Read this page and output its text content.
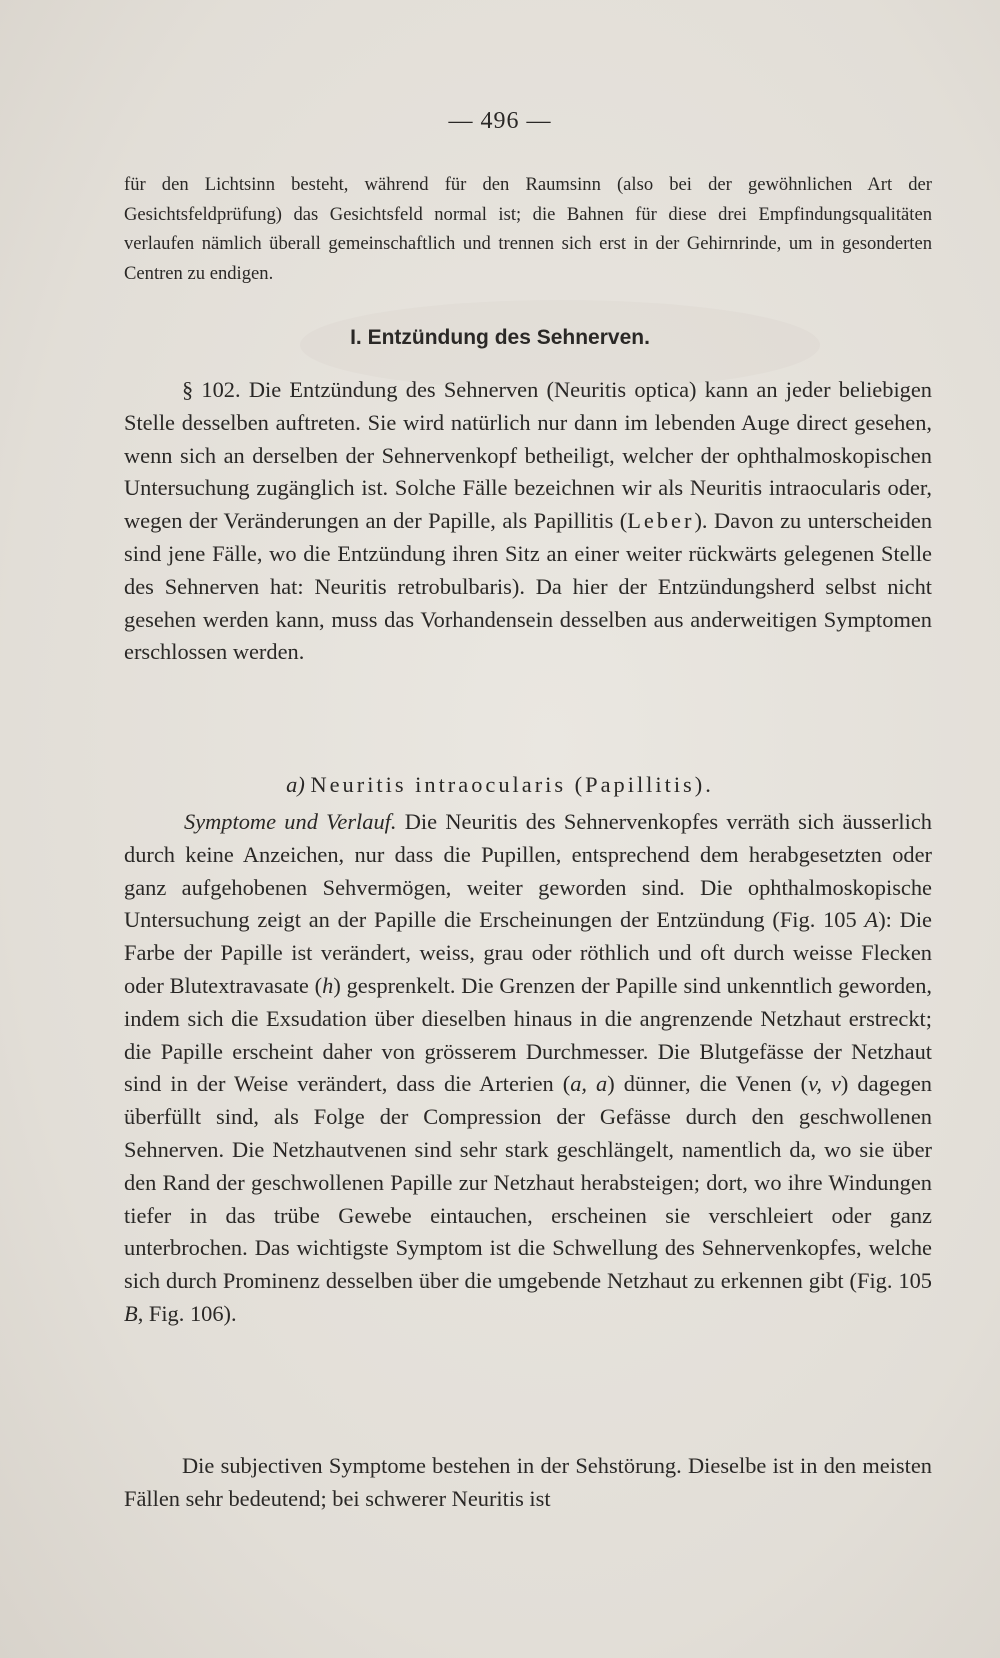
— 496 —
für den Lichtsinn besteht, während für den Raumsinn (also bei der gewöhnlichen Art der Gesichtsfeldprüfung) das Gesichtsfeld normal ist; die Bahnen für diese drei Empfindungsqualitäten verlaufen nämlich überall gemeinschaftlich und trennen sich erst in der Gehirnrinde, um in gesonderten Centren zu endigen.
I. Entzündung des Sehnerven.

§ 102. Die Entzündung des Sehnerven (Neuritis optica) kann an jeder beliebigen Stelle desselben auftreten. Sie wird natürlich nur dann im lebenden Auge direct gesehen, wenn sich an derselben der Sehnervenkopf betheiligt, welcher der ophthalmoskopischen Untersuchung zugänglich ist. Solche Fälle bezeichnen wir als Neuritis intraocularis oder, wegen der Veränderungen an der Papille, als Papillitis (Leber). Davon zu unterscheiden sind jene Fälle, wo die Entzündung ihren Sitz an einer weiter rückwärts gelegenen Stelle des Sehnerven hat: Neuritis retrobulbaris). Da hier der Entzündungsherd selbst nicht gesehen werden kann, muss das Vorhandensein desselben aus anderweitigen Symptomen erschlossen werden.

a) Neuritis intraocularis (Papillitis).

Symptome und Verlauf. Die Neuritis des Sehnervenkopfes verräth sich äusserlich durch keine Anzeichen, nur dass die Pupillen, entsprechend dem herabgesetzten oder ganz aufgehobenen Sehvermögen, weiter geworden sind. Die ophthalmoskopische Untersuchung zeigt an der Papille die Erscheinungen der Entzündung (Fig. 105 A): Die Farbe der Papille ist verändert, weiss, grau oder röthlich und oft durch weisse Flecken oder Blutextravasate (h) gesprenkelt. Die Grenzen der Papille sind unkenntlich geworden, indem sich die Exsudation über dieselben hinaus in die angrenzende Netzhaut erstreckt; die Papille erscheint daher von grösserem Durchmesser. Die Blutgefässe der Netzhaut sind in der Weise verändert, dass die Arterien (a, a) dünner, die Venen (v, v) dagegen überfüllt sind, als Folge der Compression der Gefässe durch den geschwollenen Sehnerven. Die Netzhautvenen sind sehr stark geschlängelt, namentlich da, wo sie über den Rand der geschwollenen Papille zur Netzhaut herabsteigen; dort, wo ihre Windungen tiefer in das trübe Gewebe eintauchen, erscheinen sie verschleiert oder ganz unterbrochen. Das wichtigste Symptom ist die Schwellung des Sehnervenkopfes, welche sich durch Prominenz desselben über die umgebende Netzhaut zu erkennen gibt (Fig. 105 B, Fig. 106).

Die subjectiven Symptome bestehen in der Sehstörung. Dieselbe ist in den meisten Fällen sehr bedeutend; bei schwerer Neuritis ist
